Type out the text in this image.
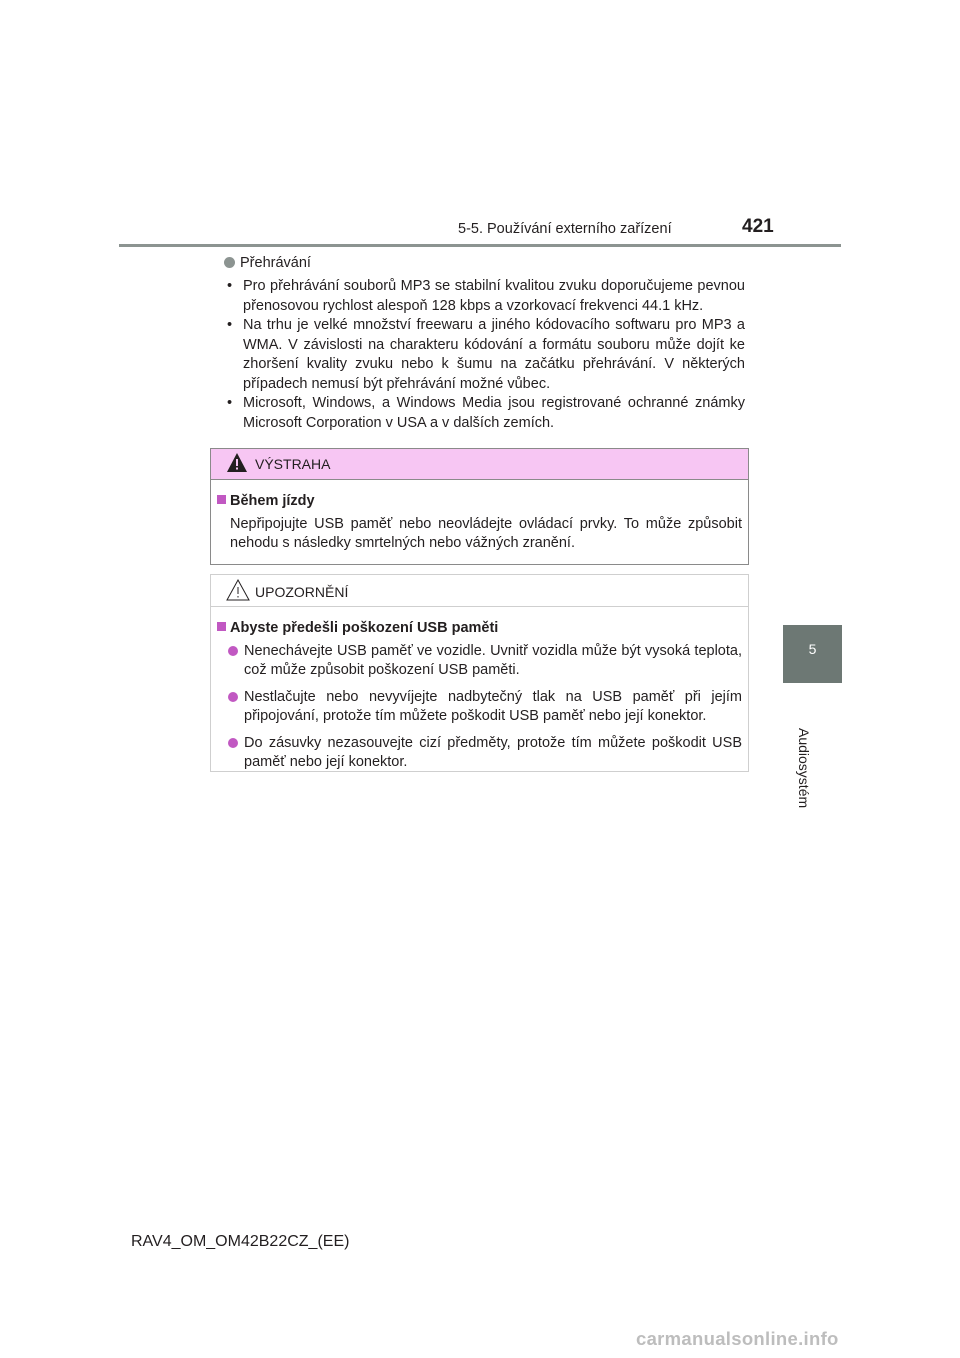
5-5. Používání externího zařízení	421
5
Audiosystém
Přehrávání
• Pro přehrávání souborů MP3 se stabilní kvalitou zvuku doporučujeme pevnou přenosovou rychlost alespoň 128 kbps a vzorkovací frekvenci 44.1 kHz.
• Na trhu je velké množství freewaru a jiného kódovacího softwaru pro MP3 a WMA. V závislosti na charakteru kódování a formátu souboru může dojít ke zhoršení kvality zvuku nebo k šumu na začátku přehrávání. V některých případech nemusí být přehrávání možné vůbec.
• Microsoft, Windows, a Windows Media jsou registrované ochranné známky Microsoft Corporation v USA a v dalších zemích.
VÝSTRAHA
Během jízdy
Nepřipojujte USB paměť nebo neovládejte ovládací prvky. To může způsobit nehodu s následky smrtelných nebo vážných zranění.
UPOZORNĚNÍ
Abyste předešli poškození USB paměti
Nenechávejte USB paměť ve vozidle. Uvnitř vozidla může být vysoká teplota, což může způsobit poškození USB paměti.
Nestlačujte nebo nevyvíjejte nadbytečný tlak na USB paměť při jejím připojování, protože tím můžete poškodit USB paměť nebo její konektor.
Do zásuvky nezasouvejte cizí předměty, protože tím můžete poškodit USB paměť nebo její konektor.
RAV4_OM_OM42B22CZ_(EE)
carmanualsonline.info
